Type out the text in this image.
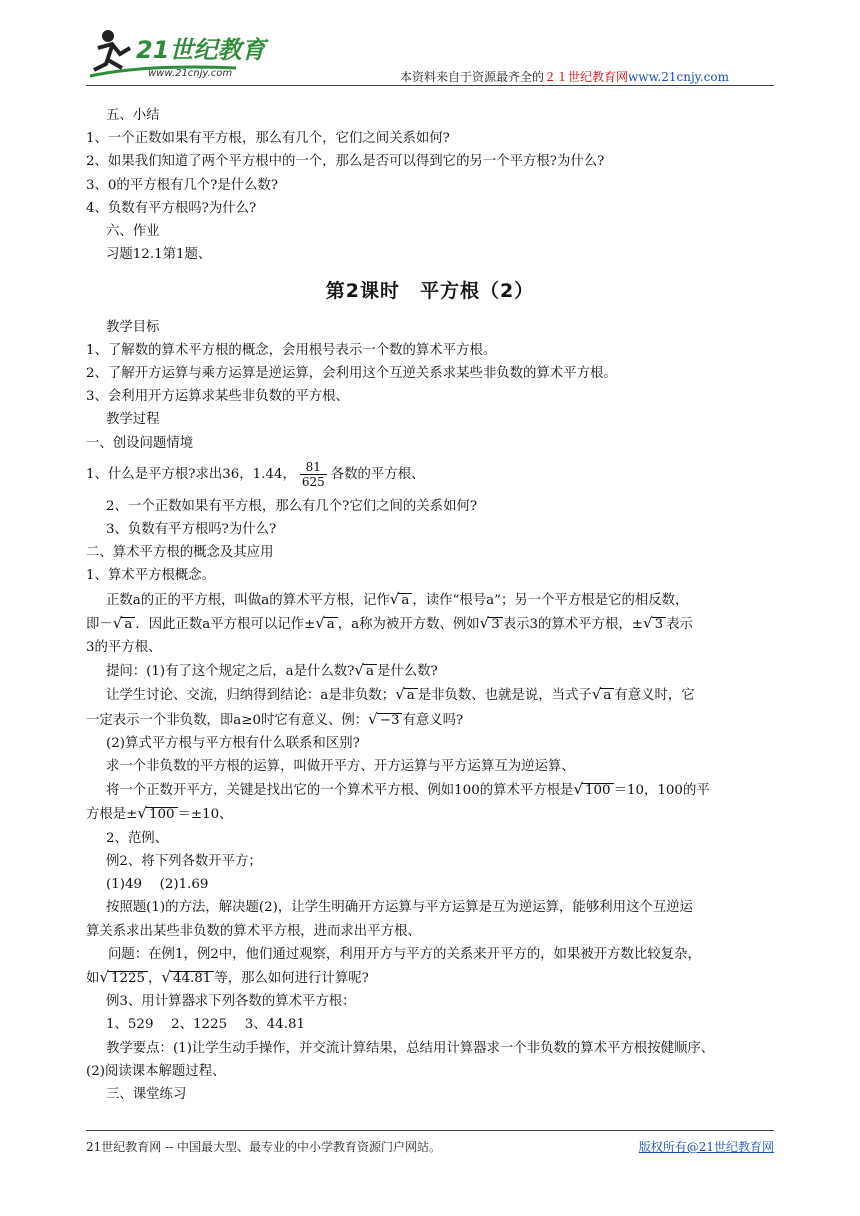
21世纪教育
www.21cnjy.com	本资料来自于资源最齐全的２１世纪教育网www.21cnjy.com

五、小结

1、一个正数如果有平方根，那么有几个，它们之间关系如何?

2、如果我们知道了两个平方根中的一个，那么是否可以得到它的另一个平方根?为什么?

3、0的平方根有几个?是什么数?

4、负数有平方根吗?为什么?

六、作业

习题12.1第1题、

第2课时　平方根（2）

教学目标

1、了解数的算术平方根的概念，会用根号表示一个数的算术平方根。

2、了解开方运算与乘方运算是逆运算，会利用这个互逆关系求某些非负数的算术平方根。

3、会利用开方运算求某些非负数的平方根、

教学过程

一、创设问题情境

1、什么是平方根?求出36，1.44， $\frac{81}{625}$ 各数的平方根、

2、一个正数如果有平方根，那么有几个?它们之间的关系如何?

3、负数有平方根吗?为什么?

二、算术平方根的概念及其应用

1、算术平方根概念。

正数a的正的平方根，叫做a的算术平方根，记作√ a ，读作“根号a”；另一个平方根是它的相反数，

即－√ a ．因此正数a平方根可以记作±√ a ，a称为被开方数、例如√ 3 表示3的算术平方根，±√ 3 表示

3的平方根、

提问：(1)有了这个规定之后，a是什么数?√ a 是什么数?

让学生讨论、交流，归纳得到结论：a是非负数；√ a 是非负数、也就是说，当式子√ a 有意义时，它

一定表示一个非负数，即a≥0时它有意义、例：√ −3 有意义吗?

(2)算式平方根与平方根有什么联系和区别?

求一个非负数的平方根的运算，叫做开平方、开方运算与平方运算互为逆运算、

将一个正数开平方，关键是找出它的一个算术平方根、例如100的算术平方根是√ 100 ＝10，100的平

方根是±√ 100 ＝±10、

2、范例、

例2、将下列各数开平方；

(1)49　 (2)1.69

按照题(1)的方法，解决题(2)，让学生明确开方运算与平方运算是互为逆运算，能够利用这个互逆运

算关系求出某些非负数的算术平方根，进而求出平方根、

问题：在例1，例2中，他们通过观察，利用开方与平方的关系来开平方的，如果被开方数比较复杂，

如√ 1225 ，√ 44.81 等，那么如何进行计算呢?

例3、用计算器求下列各数的算术平方根：

1、529　 2、1225　 3、44.81

教学要点：(1)让学生动手操作，并交流计算结果，总结用计算器求一个非负数的算术平方根按健顺序、

(2)阅读课本解题过程、

三、课堂练习

21世纪教育网 -- 中国最大型、最专业的中小学教育资源门户网站。	版权所有@21世纪教育网
